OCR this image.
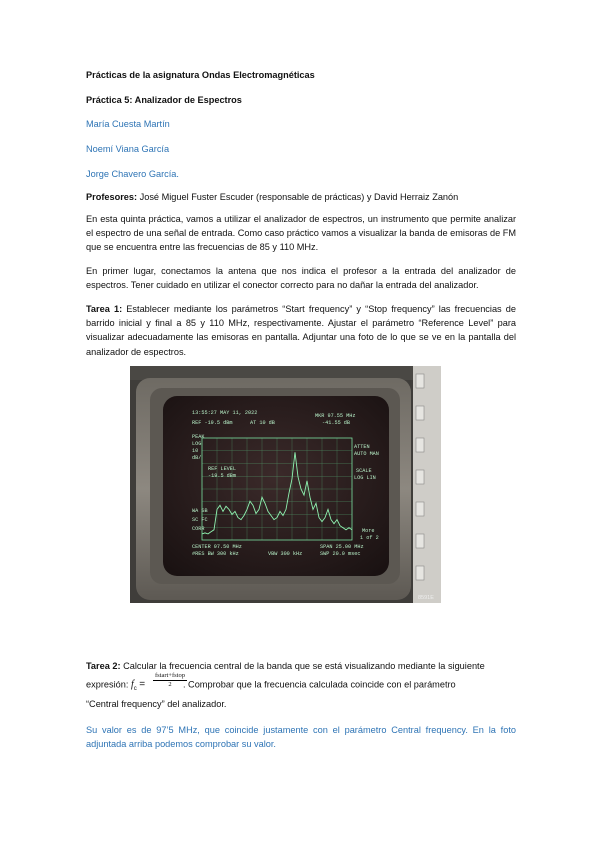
Prácticas de la asignatura Ondas Electromagnéticas
Práctica 5: Analizador de Espectros
María Cuesta Martín
Noemí Viana García
Jorge Chavero García.
Profesores: José Miguel Fuster Escuder (responsable de prácticas) y David Herraiz Zanón
En esta quinta práctica, vamos a utilizar el analizador de espectros, un instrumento que permite analizar el espectro de una señal de entrada. Como caso práctico vamos a visualizar la banda de emisoras de FM que se encuentra entre las frecuencias de 85 y 110 MHz.
En primer lugar, conectamos la antena que nos indica el profesor a la entrada del analizador de espectros. Tener cuidado en utilizar el conector correcto para no dañar la entrada del analizador.
Tarea 1: Establecer mediante los parámetros “Start frequency” y “Stop frequency” las frecuencias de barrido inicial y final a 85 y 110 MHz, respectivamente. Ajustar el parámetro “Reference Level” para visualizar adecuadamente las emisoras en pantalla. Adjuntar una foto de lo que se ve en la pantalla del analizador de espectros.
13:55:27 MAY 11, 2022
REF -19.5 dBm	AT 10 dB
MKR 97.55 MHz
-41.55 dB
PEAK
LOG
10
dB/
REF LEVEL
-19.5 dBm
ATTEN
AUTO MAN
SCALE
LOG LIN
WA SB
SC FC
CORR
CENTER 97.50 MHz
#RES BW 300 kHz	VBW 300 kHz
SPAN 25.00 MHz
SWP 20.0 msec
More
1 of 2
8591E
Tarea 2: Calcular la frecuencia central de la banda que se está visualizando mediante la siguiente
expresión: $f_c$ =
fstart+fstop
2	. Comprobar que la frecuencia calculada coincide con el parámetro
“Central frequency” del analizador.
Su valor es de 97’5 MHz, que coincide justamente con el parámetro Central frequency. En la foto adjuntada arriba podemos comprobar su valor.
